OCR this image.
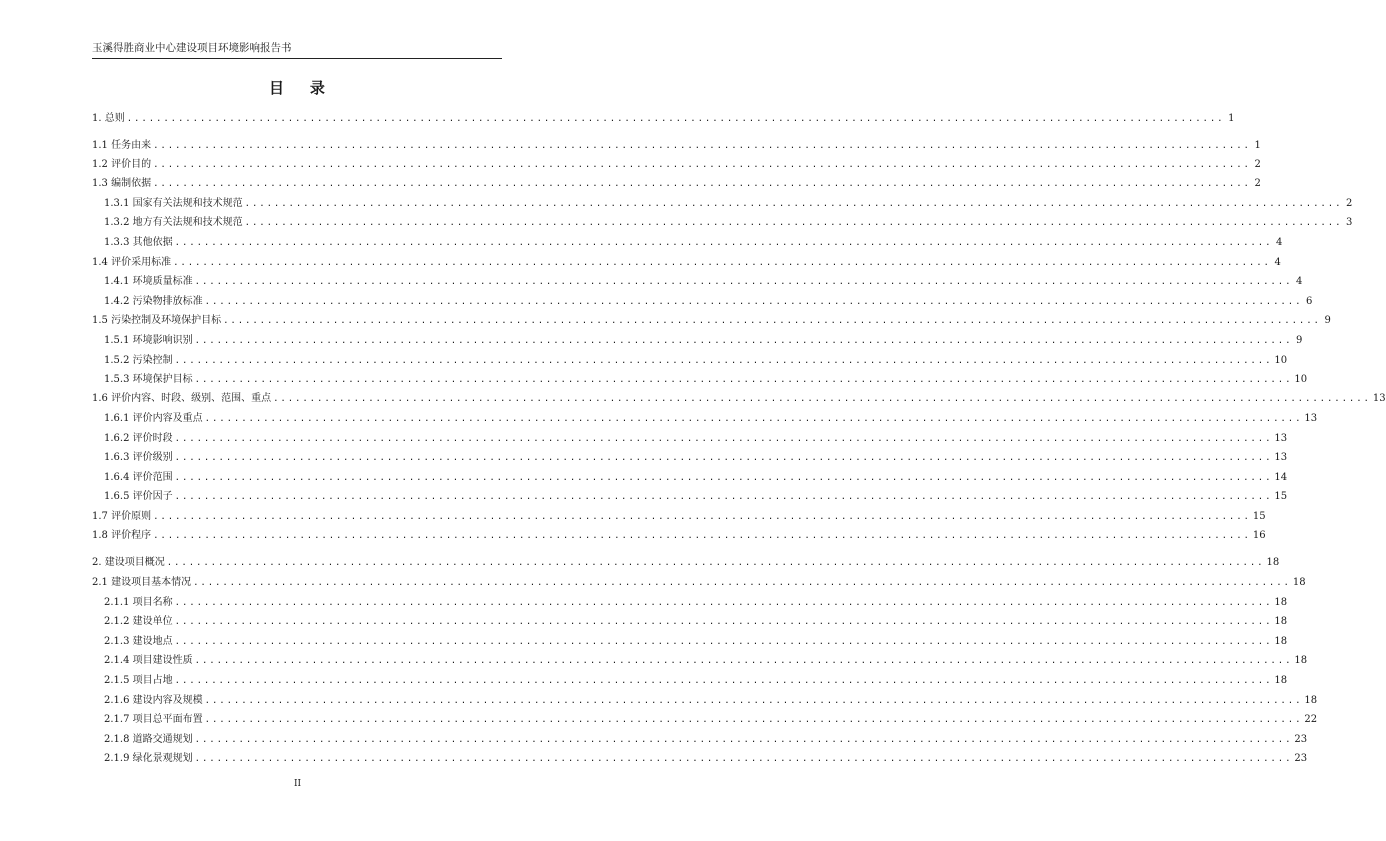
玉溪得胜商业中心建设项目环境影响报告书
目    录
1. 总则 ...................................................................................................................................................... 1
1.1 任务由来 ...................................................................................................................................................... 1
1.2 评价目的 ...................................................................................................................................................... 2
1.3 编制依据 ...................................................................................................................................................... 2
1.3.1 国家有关法规和技术规范 ...................................................................................................................................................... 2
1.3.2 地方有关法规和技术规范 ...................................................................................................................................................... 3
1.3.3 其他依据 ...................................................................................................................................................... 4
1.4 评价采用标准 ...................................................................................................................................................... 4
1.4.1 环境质量标准 ...................................................................................................................................................... 4
1.4.2 污染物排放标准 ...................................................................................................................................................... 6
1.5 污染控制及环境保护目标 ...................................................................................................................................................... 9
1.5.1 环境影响识别 ...................................................................................................................................................... 9
1.5.2 污染控制 ...................................................................................................................................................... 10
1.5.3 环境保护目标 ...................................................................................................................................................... 10
1.6 评价内容、时段、级别、范围、重点 ...................................................................................................................................................... 13
1.6.1 评价内容及重点 ...................................................................................................................................................... 13
1.6.2 评价时段 ...................................................................................................................................................... 13
1.6.3 评价级别 ...................................................................................................................................................... 13
1.6.4 评价范围 ...................................................................................................................................................... 14
1.6.5 评价因子 ...................................................................................................................................................... 15
1.7 评价原则 ...................................................................................................................................................... 15
1.8 评价程序 ...................................................................................................................................................... 16
2. 建设项目概况 ...................................................................................................................................................... 18
2.1 建设项目基本情况 ...................................................................................................................................................... 18
2.1.1 项目名称 ...................................................................................................................................................... 18
2.1.2 建设单位 ...................................................................................................................................................... 18
2.1.3 建设地点 ...................................................................................................................................................... 18
2.1.4 项目建设性质 ...................................................................................................................................................... 18
2.1.5 项目占地 ...................................................................................................................................................... 18
2.1.6 建设内容及规模 ...................................................................................................................................................... 18
2.1.7 项目总平面布置 ...................................................................................................................................................... 22
2.1.8 道路交通规划 ...................................................................................................................................................... 23
2.1.9 绿化景观规划 ...................................................................................................................................................... 23
II
